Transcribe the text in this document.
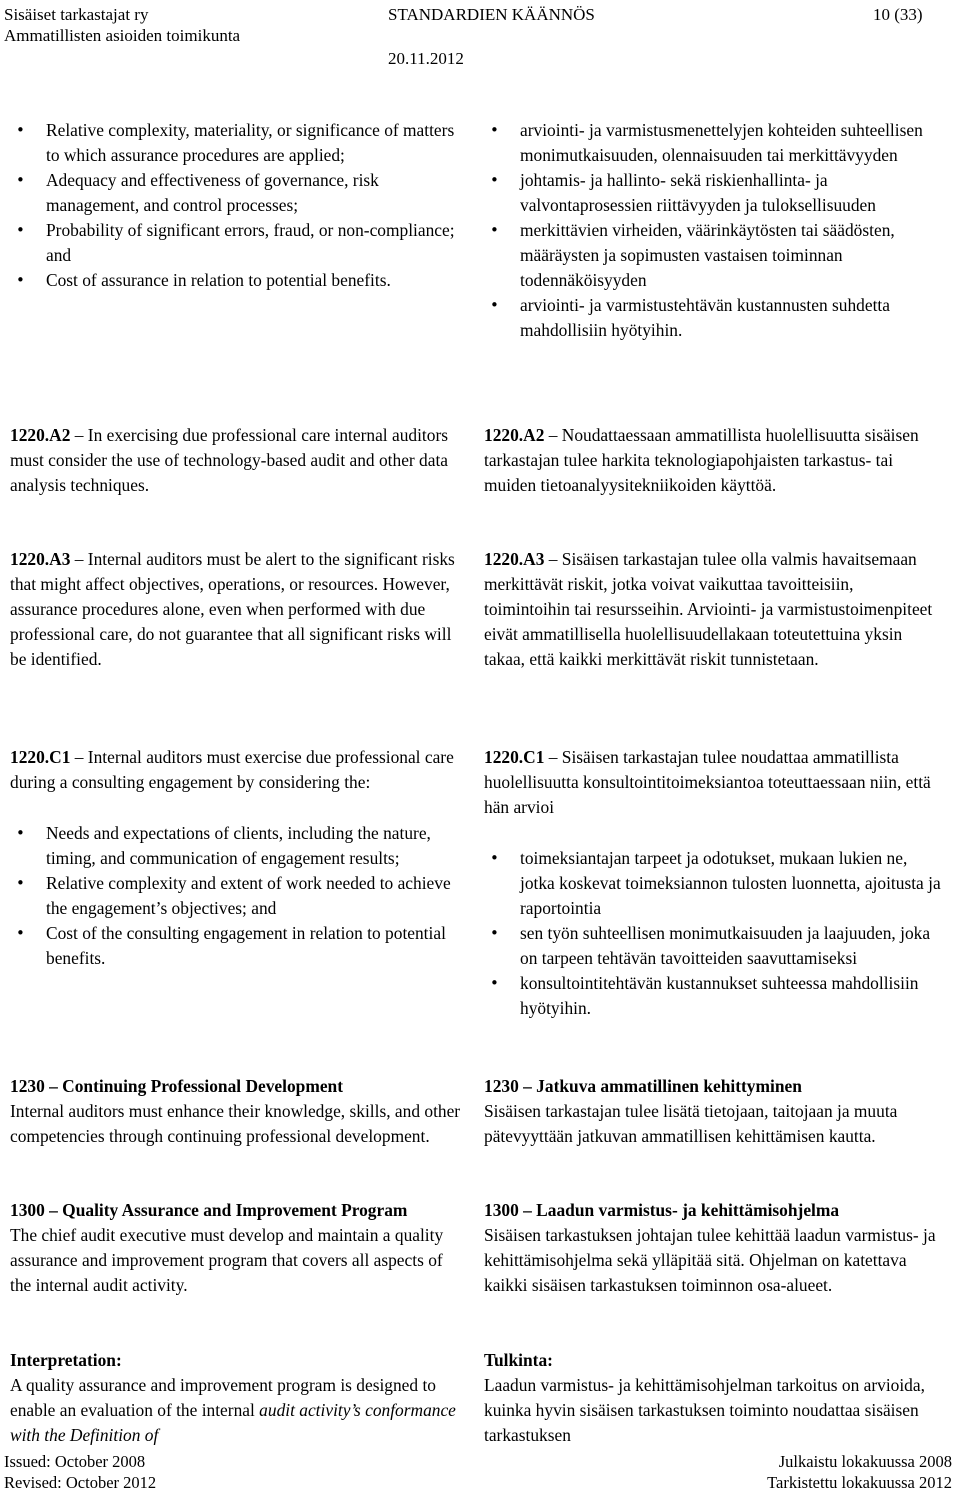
Sisäiset tarkastajat ry
Ammatillisten asioiden toimikunta
STANDARDIEN KÄÄNNÖS
20.11.2012
10 (33)
• Relative complexity, materiality, or significance of matters to which assurance procedures are applied;
• Adequacy and effectiveness of governance, risk management, and control processes;
• Probability of significant errors, fraud, or non-compliance; and
• Cost of assurance in relation to potential benefits.

1220.A2 – In exercising due professional care internal auditors must consider the use of technology-based audit and other data analysis techniques.

1220.A3 – Internal auditors must be alert to the significant risks that might affect objectives, operations, or resources. However, assurance procedures alone, even when performed with due professional care, do not guarantee that all significant risks will be identified.

1220.C1 – Internal auditors must exercise due professional care during a consulting engagement by considering the:

• Needs and expectations of clients, including the nature, timing, and communication of engagement results;
• Relative complexity and extent of work needed to achieve the engagement’s objectives; and
• Cost of the consulting engagement in relation to potential benefits.

1230 – Continuing Professional Development

Internal auditors must enhance their knowledge, skills, and other competencies through continuing professional development.

1300 – Quality Assurance and Improvement Program

The chief audit executive must develop and maintain a quality assurance and improvement program that covers all aspects of the internal audit activity.

Interpretation:

A quality assurance and improvement program is designed to enable an evaluation of the internal audit activity’s conformance with the Definition of

• arviointi- ja varmistusmenettelyjen kohteiden suhteellisen monimutkaisuuden, olennaisuuden tai merkittävyyden
• johtamis- ja hallinto- sekä riskienhallinta- ja valvontaprosessien riittävyyden ja tuloksellisuuden
• merkittävien virheiden, väärinkäytösten tai säädösten, määräysten ja sopimusten vastaisen toiminnan todennäköisyyden
• arviointi- ja varmistustehtävän kustannusten suhdetta mahdollisiin hyötyihin.

1220.A2 – Noudattaessaan ammatillista huolellisuutta sisäisen tarkastajan tulee harkita teknologiapohjaisten tarkastus- tai muiden tietoanalyysitekniikoiden käyttöä.

1220.A3 – Sisäisen tarkastajan tulee olla valmis havaitsemaan merkittävät riskit, jotka voivat vaikuttaa tavoitteisiin, toimintoihin tai resursseihin. Arviointi- ja varmistustoimenpiteet eivät ammatillisella huolellisuudellakaan toteutettuina yksin takaa, että kaikki merkittävät riskit tunnistetaan.

1220.C1 – Sisäisen tarkastajan tulee noudattaa ammatillista huolellisuutta konsultointitoimeksiantoa toteuttaessaan niin, että hän arvioi

• toimeksiantajan tarpeet ja odotukset, mukaan lukien ne, jotka koskevat toimeksiannon tulosten luonnetta, ajoitusta ja raportointia
• sen työn suhteellisen monimutkaisuuden ja laajuuden, joka on tarpeen tehtävän tavoitteiden saavuttamiseksi
• konsultointitehtävän kustannukset suhteessa mahdollisiin hyötyihin.

1230 – Jatkuva ammatillinen kehittyminen

Sisäisen tarkastajan tulee lisätä tietojaan, taitojaan ja muuta pätevyyttään jatkuvan ammatillisen kehittämisen kautta.

1300 – Laadun varmistus- ja kehittämisohjelma

Sisäisen tarkastuksen johtajan tulee kehittää laadun varmistus- ja kehittämisohjelma sekä ylläpitää sitä. Ohjelman on katettava kaikki sisäisen tarkastuksen toiminnon osa-alueet.

Tulkinta:

Laadun varmistus- ja kehittämisohjelman tarkoitus on arvioida, kuinka hyvin sisäisen tarkastuksen toiminto noudattaa sisäisen tarkastuksen

Issued: October 2008
Revised: October 2012
Julkaistu lokakuussa 2008
Tarkistettu lokakuussa 2012
